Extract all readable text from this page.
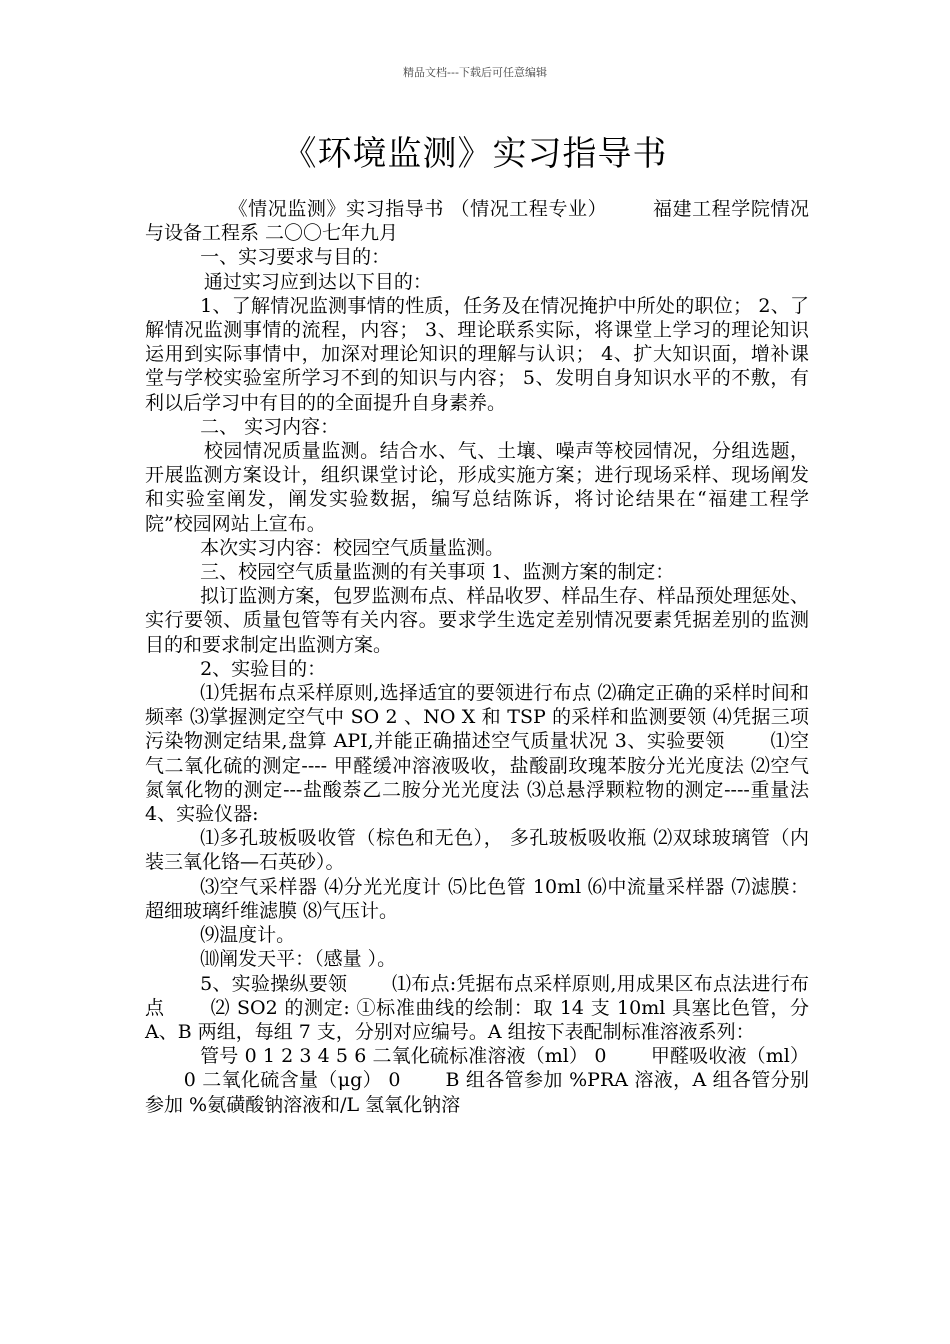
精品文档---下载后可任意编辑
《环境监测》实习指导书

《情况监测》实习指导书 （情况工程专业） 　　福建工程学院情况与设备工程系 二〇〇七年九月

一、实习要求与目的：

通过实习应到达以下目的：

1、了解情况监测事情的性质，任务及在情况掩护中所处的职位； 2、了解情况监测事情的流程，内容； 3、理论联系实际，将课堂上学习的理论知识运用到实际事情中，加深对理论知识的理解与认识； 4、扩大知识面，增补课堂与学校实验室所学习不到的知识与内容； 5、发明自身知识水平的不敷，有利以后学习中有目的的全面提升自身素养。

二、 实习内容：

校园情况质量监测。结合水、气、土壤、噪声等校园情况，分组选题，开展监测方案设计，组织课堂讨论，形成实施方案；进行现场采样、现场阐发和实验室阐发，阐发实验数据，编写总结陈诉，将讨论结果在“福建工程学院”校园网站上宣布。

本次实习内容：校园空气质量监测。

三、校园空气质量监测的有关事项 1、监测方案的制定：

拟订监测方案，包罗监测布点、样品收罗、样品生存、样品预处理惩处、实行要领、质量包管等有关内容。要求学生选定差别情况要素凭据差别的监测目的和要求制定出监测方案。

2、实验目的：

⑴凭据布点采样原则,选择适宜的要领进行布点 ⑵确定正确的采样时间和频率 ⑶掌握测定空气中 SO 2 、NO X 和 TSP 的采样和监测要领 ⑷凭据三项污染物测定结果,盘算 API,并能正确描述空气质量状况 3、实验要领 　　⑴空气二氧化硫的测定---- 甲醛缓冲溶液吸收，盐酸副玫瑰苯胺分光光度法 ⑵空气氮氧化物的测定---盐酸萘乙二胺分光光度法 ⑶总悬浮颗粒物的测定----重量法 4、实验仪器:

⑴多孔玻板吸收管（棕色和无色）， 多孔玻板吸收瓶 ⑵双球玻璃管（内装三氧化铬—石英砂）。

⑶空气采样器 ⑷分光光度计 ⑸比色管 10ml ⑹中流量采样器 ⑺滤膜：超细玻璃纤维滤膜 ⑻气压计。

⑼温度计。

⑽阐发天平：（感量 ）。

5、实验操纵要领 　　⑴布点:凭据布点采样原则,用成果区布点法进行布点 　　⑵ SO2 的测定: ①标准曲线的绘制：取 14 支 10ml 具塞比色管，分 A、B 两组，每组 7 支，分别对应编号。A 组按下表配制标准溶液系列：

管号 0 1 2 3 4 5 6 二氧化硫标准溶液（ml） 0 　　甲醛吸收液（ml） 　　0 二氧化硫含量（μg） 0 　　B 组各管参加 %PRA 溶液，A 组各管分别参加 %氨磺酸钠溶液和/L 氢氧化钠溶
